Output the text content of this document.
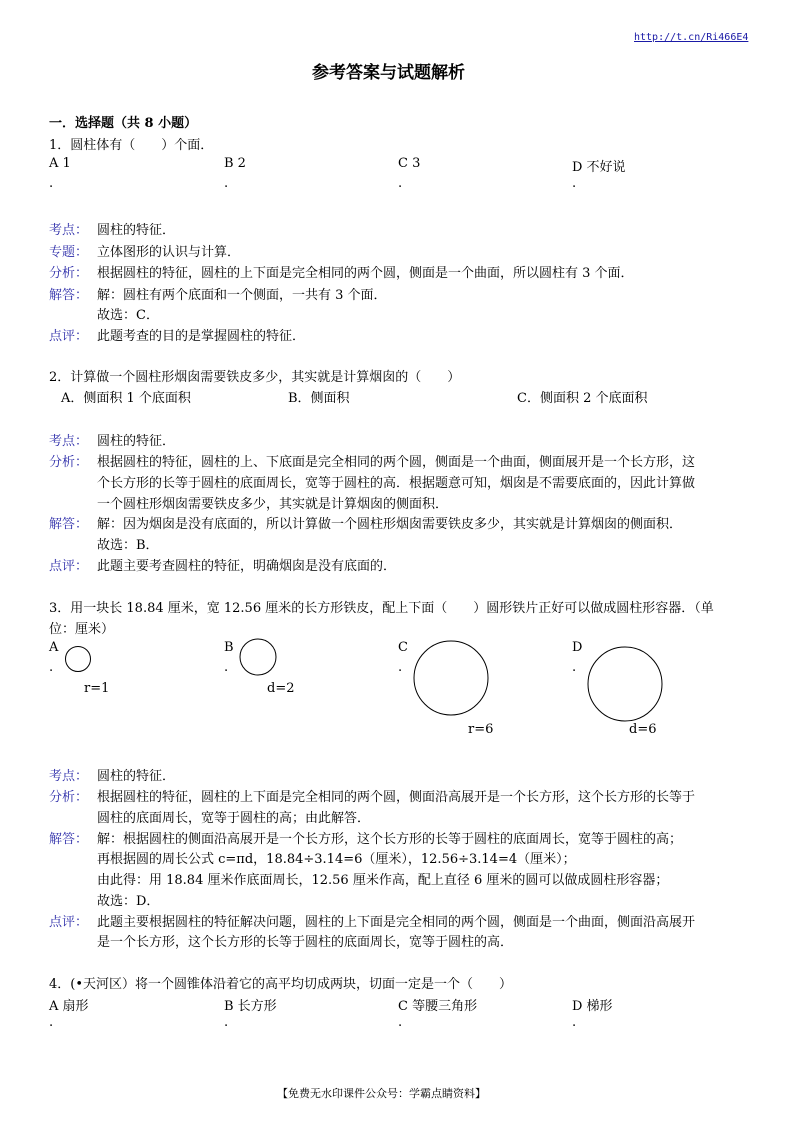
http://t.cn/Ri466E4
参考答案与试题解析
一．选择题（共 8 小题）
1．圆柱体有（　　）个面．
A 1	B 2	C 3	D 不好说
.	.	.	.
考点： 圆柱的特征．
专题： 立体图形的认识与计算．
分析： 根据圆柱的特征，圆柱的上下面是完全相同的两个圆，侧面是一个曲面，所以圆柱有 3 个面．
解答： 解：圆柱有两个底面和一个侧面，一共有 3 个面．
故选：C．
点评： 此题考查的目的是掌握圆柱的特征．
2．计算做一个圆柱形烟囱需要铁皮多少，其实就是计算烟囱的（　　）
A．侧面积 1 个底面积	B．侧面积	C．侧面积 2 个底面积
考点： 圆柱的特征．
分析： 根据圆柱的特征，圆柱的上、下底面是完全相同的两个圆，侧面是一个曲面，侧面展开是一个长方形，这
个长方形的长等于圆柱的底面周长，宽等于圆柱的高．根据题意可知，烟囱是不需要底面的，因此计算做
一个圆柱形烟囱需要铁皮多少，其实就是计算烟囱的侧面积．
解答： 解：因为烟囱是没有底面的，所以计算做一个圆柱形烟囱需要铁皮多少，其实就是计算烟囱的侧面积．
故选：B．
点评： 此题主要考查圆柱的特征，明确烟囱是没有底面的．
3．用一块长 18.84 厘米，宽 12.56 厘米的长方形铁皮，配上下面（　　）圆形铁片正好可以做成圆柱形容器．（单
位：厘米）
A	B	C	D
.	.	.	.
r=1	d=2
r=6	d=6
考点： 圆柱的特征．
分析： 根据圆柱的特征，圆柱的上下面是完全相同的两个圆，侧面沿高展开是一个长方形，这个长方形的长等于
圆柱的底面周长，宽等于圆柱的高；由此解答．
解答： 解：根据圆柱的侧面沿高展开是一个长方形，这个长方形的长等于圆柱的底面周长，宽等于圆柱的高；
再根据圆的周长公式 c=πd，18.84÷3.14=6（厘米），12.56÷3.14=4（厘米）；
由此得：用 18.84 厘米作底面周长，12.56 厘米作高，配上直径 6 厘米的圆可以做成圆柱形容器；
故选：D．
点评： 此题主要根据圆柱的特征解决问题，圆柱的上下面是完全相同的两个圆，侧面是一个曲面，侧面沿高展开
是一个长方形，这个长方形的长等于圆柱的底面周长，宽等于圆柱的高．
4．(•天河区）将一个圆锥体沿着它的高平均切成两块，切面一定是一个（　　）
A 扇形	B 长方形	C 等腰三角形	D 梯形
.	.	.	.
【免费无水印课件公众号：学霸点睛资料】
